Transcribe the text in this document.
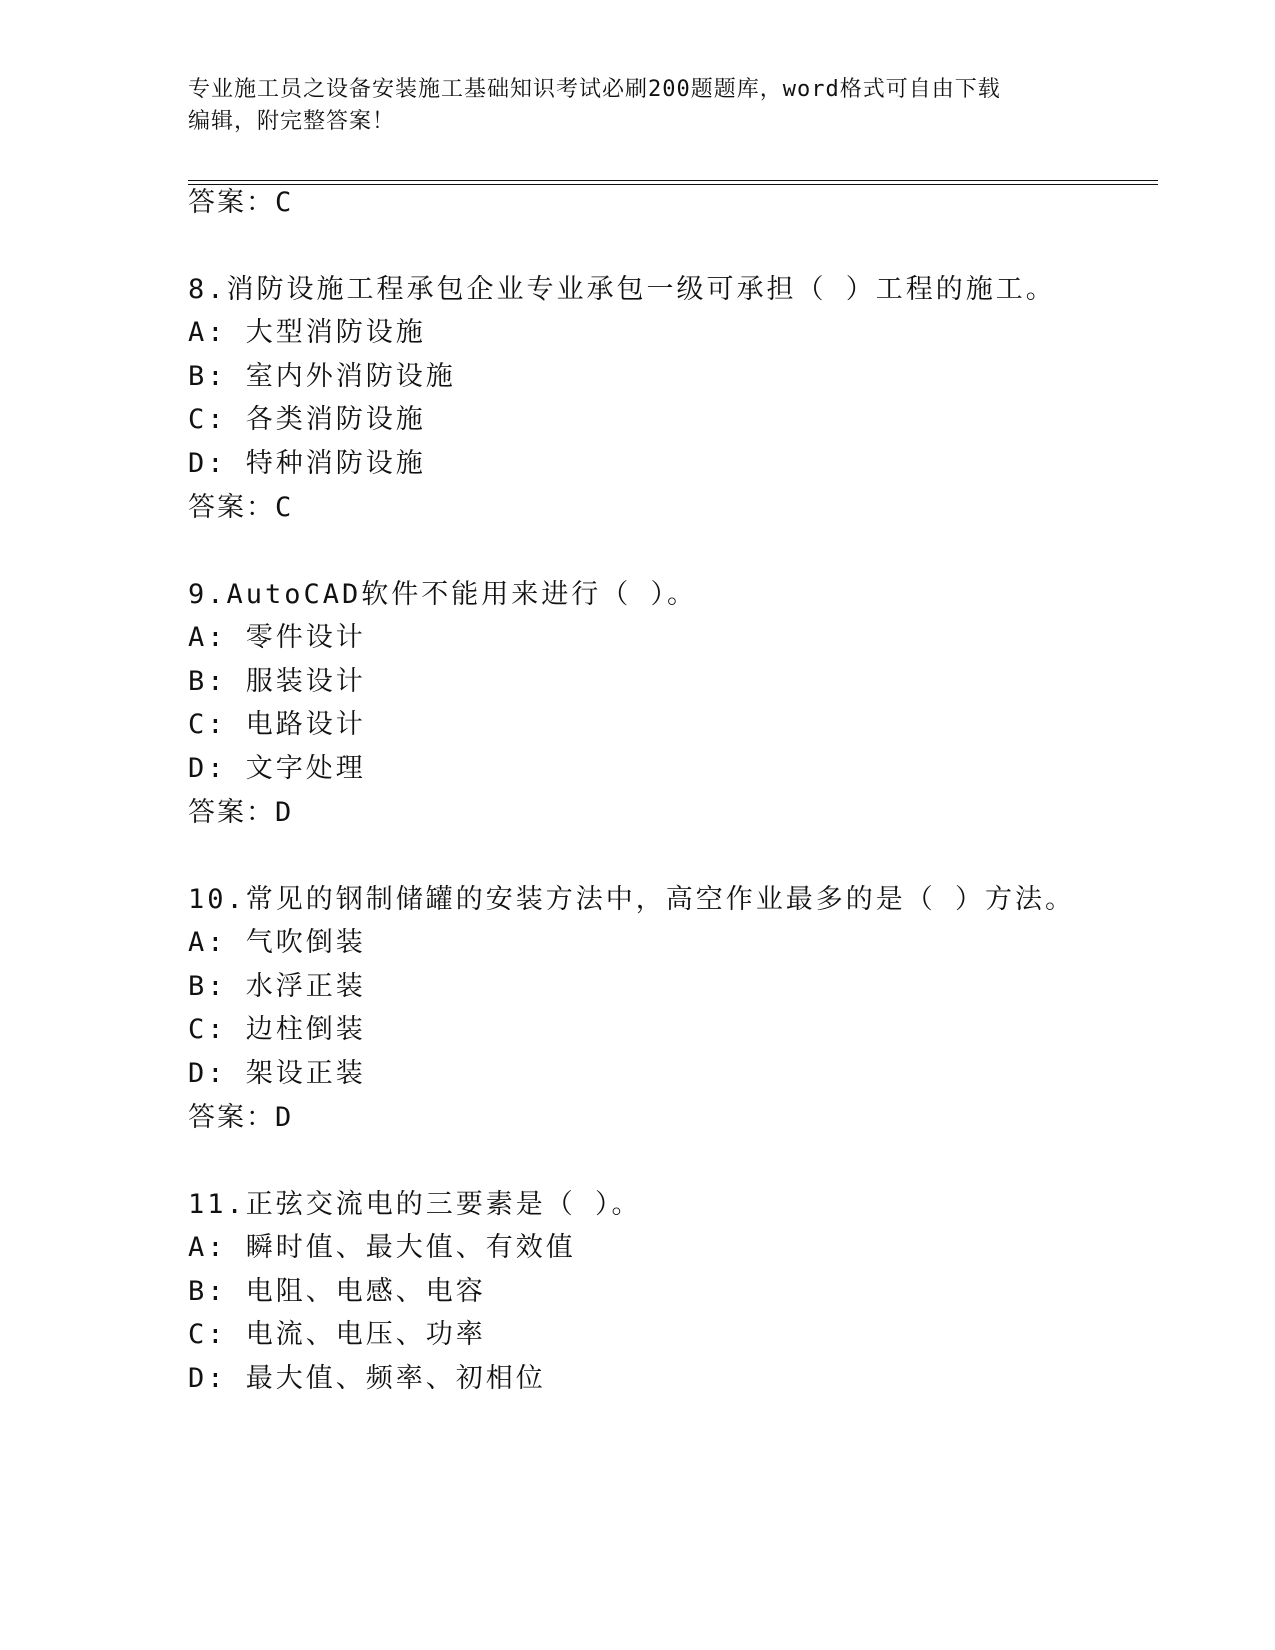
专业施工员之设备安装施工基础知识考试必刷200题题库，word格式可自由下载
编辑，附完整答案！
答案：C
8.消防设施工程承包企业专业承包一级可承担（ ）工程的施工。
A: 大型消防设施
B: 室内外消防设施
C: 各类消防设施
D: 特种消防设施
答案：C
9.AutoCAD软件不能用来进行（ ）。
A: 零件设计
B: 服装设计
C: 电路设计
D: 文字处理
答案：D
10.常见的钢制储罐的安装方法中，高空作业最多的是（ ）方法。
A: 气吹倒装
B: 水浮正装
C: 边柱倒装
D: 架设正装
答案：D
11.正弦交流电的三要素是（ ）。
A: 瞬时值、最大值、有效值
B: 电阻、电感、电容
C: 电流、电压、功率
D: 最大值、频率、初相位
